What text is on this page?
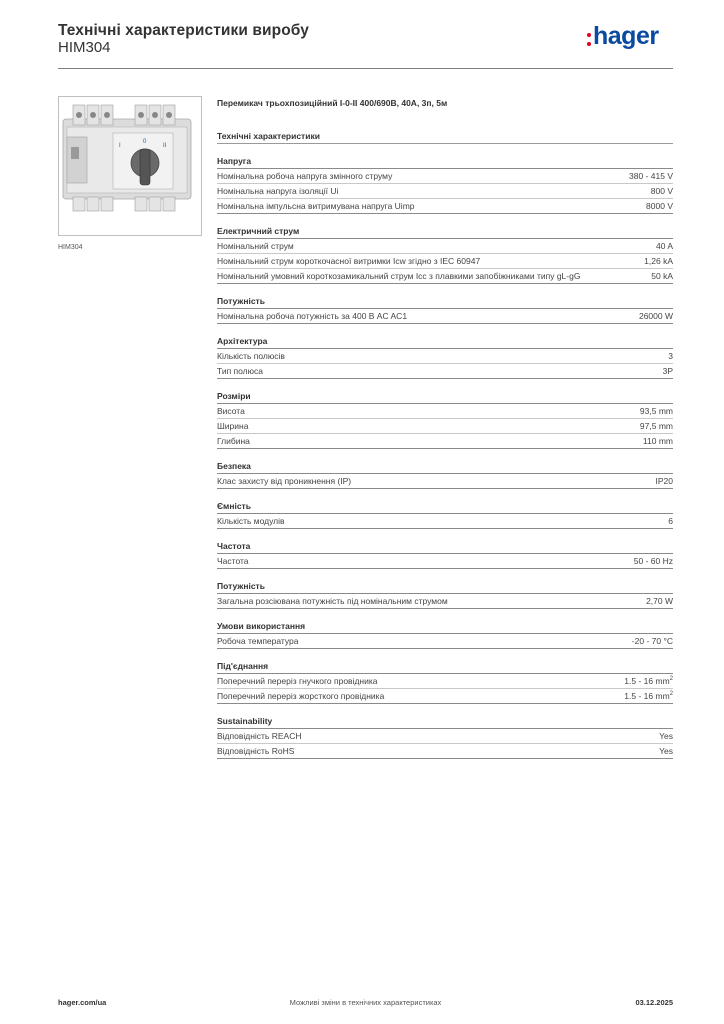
Технічні характеристики виробу
HIM304	hager
I
0
II
HIM304
Перемикач трьохпозиційний I-0-II 400/690В, 40А, 3п, 5м
Технічні характеристики
Напруга
Номінальна робоча напруга змінного струму	380 - 415 V
Номінальна напруга ізоляції Ui	800 V
Номінальна імпульсна витримувана напруга Uimp	8000 V
Електричний струм
Номінальний струм	40 A
Номінальний струм короткочасної витримки Icw згідно з IEC 60947	1,26 kA
Номінальний умовний короткозамикальний струм Icc з плавкими запобіжниками типу gL-gG	50 kA
Потужність
Номінальна робоча потужність за 400 В AC AC1	26000 W
Архітектура
Кількість полюсів	3
Тип полюса	3P
Розміри
Висота	93,5 mm
Ширина	97,5 mm
Глибина	110 mm
Безпека
Клас захисту від проникнення (IP)	IP20
Ємність
Кількість модулів	6
Частота
Частота	50 - 60 Hz
Потужність
Загальна розсіювана потужність під номінальним струмом	2,70 W
Умови використання
Робоча температура	-20 - 70 °C
Під'єднання
Поперечний переріз гнучкого провідника	1.5 - 16 $mm^2$
Поперечний переріз жорсткого провідника	1.5 - 16 $mm^2$
Sustainability
Відповідність REACH	Yes
Відповідність RoHS	Yes
hager.com/ua	Можливі зміни в технічних характеристиках	03.12.2025
